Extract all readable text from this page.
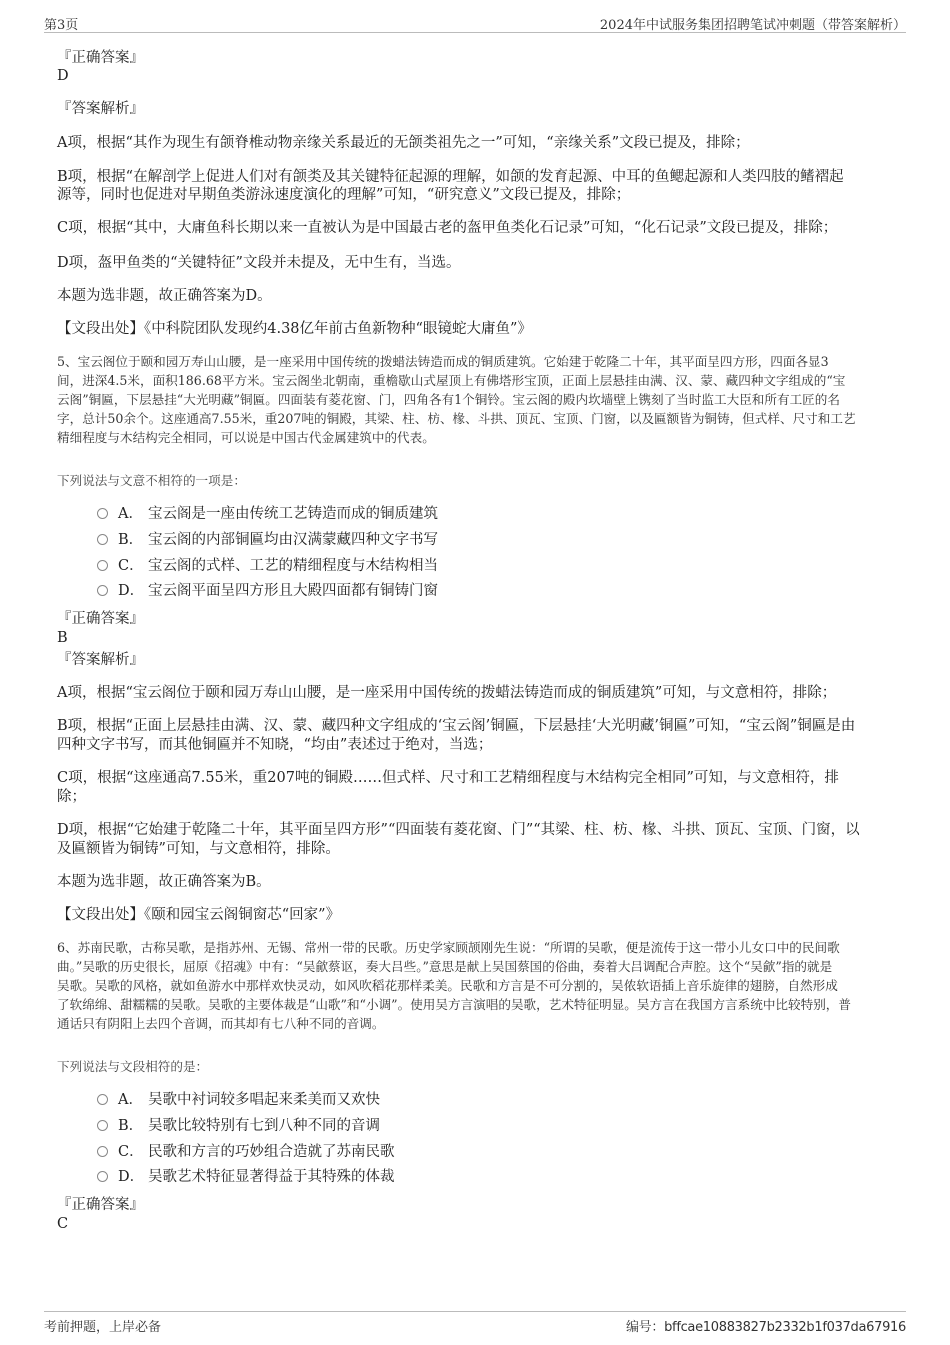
第3页	2024年中试服务集团招聘笔试冲刺题（带答案解析）
『正确答案』
D
『答案解析』
A项，根据“其作为现生有颌脊椎动物亲缘关系最近的无颌类祖先之一”可知，“亲缘关系”文段已提及，排除；
B项，根据“在解剖学上促进人们对有颌类及其关键特征起源的理解，如颌的发育起源、中耳的鱼鳃起源和人类四肢的鳍褶起
源等，同时也促进对早期鱼类游泳速度演化的理解”可知，“研究意义”文段已提及，排除；
C项，根据“其中，大庸鱼科长期以来一直被认为是中国最古老的盔甲鱼类化石记录”可知，“化石记录”文段已提及，排除；
D项，盔甲鱼类的“关键特征”文段并未提及，无中生有，当选。
本题为选非题，故正确答案为D。
【文段出处】《中科院团队发现约4.38亿年前古鱼新物种“眼镜蛇大庸鱼”》
5、宝云阁位于颐和园万寿山山腰，是一座采用中国传统的拨蜡法铸造而成的铜质建筑。它始建于乾隆二十年，其平面呈四方形，四面各显3
间，进深4.5米，面积186.68平方米。宝云阁坐北朝南，重檐歇山式屋顶上有佛塔形宝顶，正面上层悬挂由满、汉、蒙、藏四种文字组成的“宝
云阁”铜匾，下层悬挂“大光明藏”铜匾。四面装有菱花窗、门，四角各有1个铜铃。宝云阁的殿内坎墙壁上镌刻了当时监工大臣和所有工匠的名
字，总计50余个。这座通高7.55米，重207吨的铜殿，其梁、柱、枋、椽、斗拱、顶瓦、宝顶、门窗，以及匾额皆为铜铸，但式样、尺寸和工艺
精细程度与木结构完全相同，可以说是中国古代金属建筑中的代表。
下列说法与文意不相符的一项是：
A． 宝云阁是一座由传统工艺铸造而成的铜质建筑
B． 宝云阁的内部铜匾均由汉满蒙藏四种文字书写
C． 宝云阁的式样、工艺的精细程度与木结构相当
D． 宝云阁平面呈四方形且大殿四面都有铜铸门窗
『正确答案』
B
『答案解析』
A项，根据“宝云阁位于颐和园万寿山山腰，是一座采用中国传统的拨蜡法铸造而成的铜质建筑”可知，与文意相符，排除；
B项，根据“正面上层悬挂由满、汉、蒙、藏四种文字组成的‘宝云阁’铜匾，下层悬挂‘大光明藏’铜匾”可知，“宝云阁”铜匾是由
四种文字书写，而其他铜匾并不知晓，“均由”表述过于绝对，当选；
C项，根据“这座通高7.55米，重207吨的铜殿……但式样、尺寸和工艺精细程度与木结构完全相同”可知，与文意相符，排
除；
D项，根据“它始建于乾隆二十年，其平面呈四方形”“四面装有菱花窗、门”“其梁、柱、枋、椽、斗拱、顶瓦、宝顶、门窗，以
及匾额皆为铜铸”可知，与文意相符，排除。
本题为选非题，故正确答案为B。
【文段出处】《颐和园宝云阁铜窗芯“回家”》
6、苏南民歌，古称吴歌，是指苏州、无锡、常州一带的民歌。历史学家顾颉刚先生说：“所谓的吴歌，便是流传于这一带小儿女口中的民间歌
曲。”吴歌的历史很长，屈原《招魂》中有：“吴歈蔡讴，奏大吕些。”意思是献上吴国蔡国的俗曲，奏着大吕调配合声腔。这个“吴歈”指的就是
吴歌。吴歌的风格，就如鱼游水中那样欢快灵动，如风吹稻花那样柔美。民歌和方言是不可分割的，吴侬软语插上音乐旋律的翅膀，自然形成
了软绵绵、甜糯糯的吴歌。吴歌的主要体裁是“山歌”和“小调”。使用吴方言演唱的吴歌，艺术特征明显。吴方言在我国方言系统中比较特别，普
通话只有阴阳上去四个音调，而其却有七八种不同的音调。
下列说法与文段相符的是：
A． 吴歌中衬词较多唱起来柔美而又欢快
B． 吴歌比较特别有七到八种不同的音调
C． 民歌和方言的巧妙组合造就了苏南民歌
D． 吴歌艺术特征显著得益于其特殊的体裁
『正确答案』
C
考前押题，上岸必备	编号：bffcae10883827b2332b1f037da67916
